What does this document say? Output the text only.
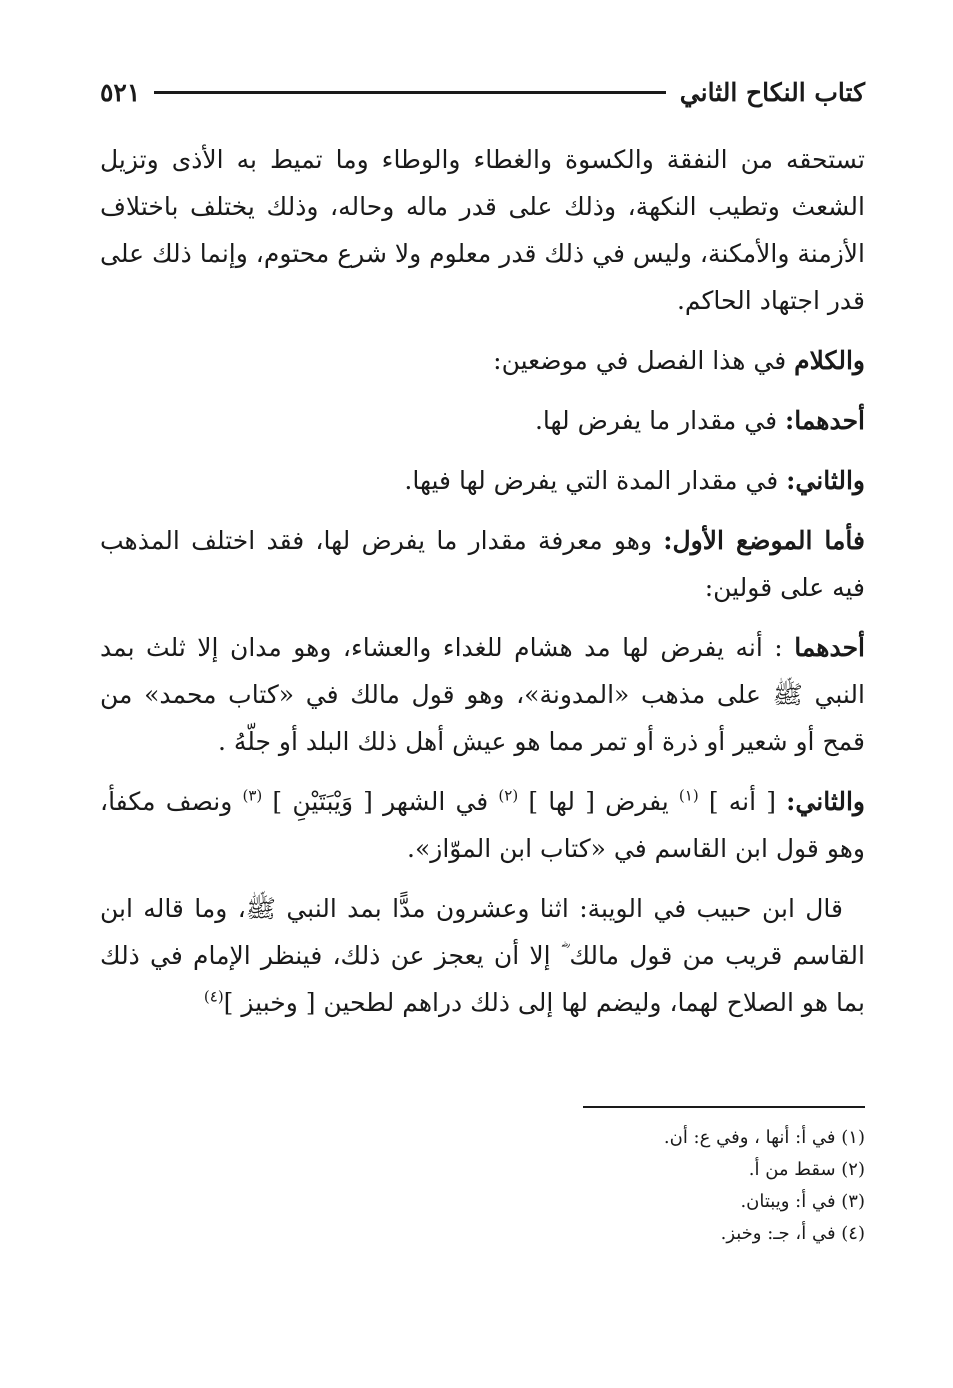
كتاب النكاح الثاني
٥٢١

تستحقه من النفقة والكسوة والغطاء والوطاء وما تميط به الأذى وتزيل الشعث وتطيب النكهة، وذلك على قدر ماله وحاله، وذلك يختلف باختلاف الأزمنة والأمكنة، وليس في ذلك قدر معلوم ولا شرع محتوم، وإنما ذلك على قدر اجتهاد الحاكم.

والكلام في هذا الفصل في موضعين:

أحدهما: في مقدار ما يفرض لها.

والثاني: في مقدار المدة التي يفرض لها فيها.

فأما الموضع الأول: وهو معرفة مقدار ما يفرض لها، فقد اختلف المذهب فيه على قولين:

أحدهما : أنه يفرض لها مد هشام للغداء والعشاء، وهو مدان إلا ثلث بمد النبي ﷺ على مذهب «المدونة»، وهو قول مالك في «كتاب محمد» من قمح أو شعير أو ذرة أو تمر مما هو عيش أهل ذلك البلد أو جلّهُ .

والثاني: [ أنه ] $^{(١)}$ يفرض [ لها ] $^{(٢)}$ في الشهر [ وَيْبَتَيْنِ ] $^{(٣)}$ ونصف مكفأ، وهو قول ابن القاسم في «كتاب ابن الموّاز».

قال ابن حبيب في الويبة: اثنا وعشرون مدًّا بمد النبي ﷺ، وما قاله ابن القاسم قريب من قول مالك ؓ إلا أن يعجز عن ذلك، فينظر الإمام في ذلك بما هو الصلاح لهما، وليضم لها إلى ذلك دراهم لطحين [ وخبيز ]$^{(٤)}$

(١) في أ: أنها ، وفي ع: أن.

(٢) سقط من أ.

(٣) في أ: ويبتان.

(٤) في أ، جـ: وخبز.
